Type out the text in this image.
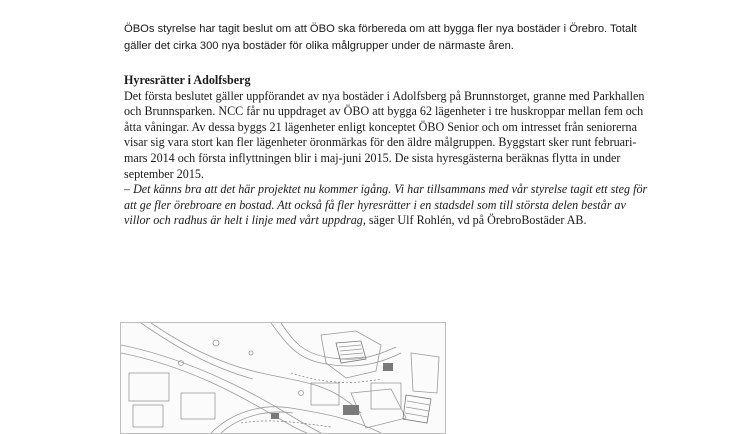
ÖBOs styrelse har tagit beslut om att ÖBO ska förbereda om att bygga fler nya bostäder i Örebro. Totalt gäller det cirka 300 nya bostäder för olika målgrupper under de närmaste åren.

Hyresrätter i Adolfsberg

Det första beslutet gäller uppförandet av nya bostäder i Adolfsberg på Brunnstorget, granne med Parkhallen och Brunnsparken. NCC får nu uppdraget av ÖBO att bygga 62 lägenheter i tre huskroppar mellan fem och åtta våningar. Av dessa byggs 21 lägenheter enligt konceptet ÖBO Senior och om intresset från seniorerna visar sig vara stort kan fler lägenheter öronmärkas för den äldre målgruppen. Byggstart sker runt februari-mars 2014 och första inflyttningen blir i maj-juni 2015. De sista hyresgästerna beräknas flytta in under september 2015.

– Det känns bra att det här projektet nu kommer igång. Vi har tillsammans med vår styrelse tagit ett steg för att ge fler örebroare en bostad. Att också få fler hyresrätter i en stadsdel som till största delen består av villor och radhus är helt i linje med vårt uppdrag, säger Ulf Rohlén, vd på ÖrebroBostäder AB.
